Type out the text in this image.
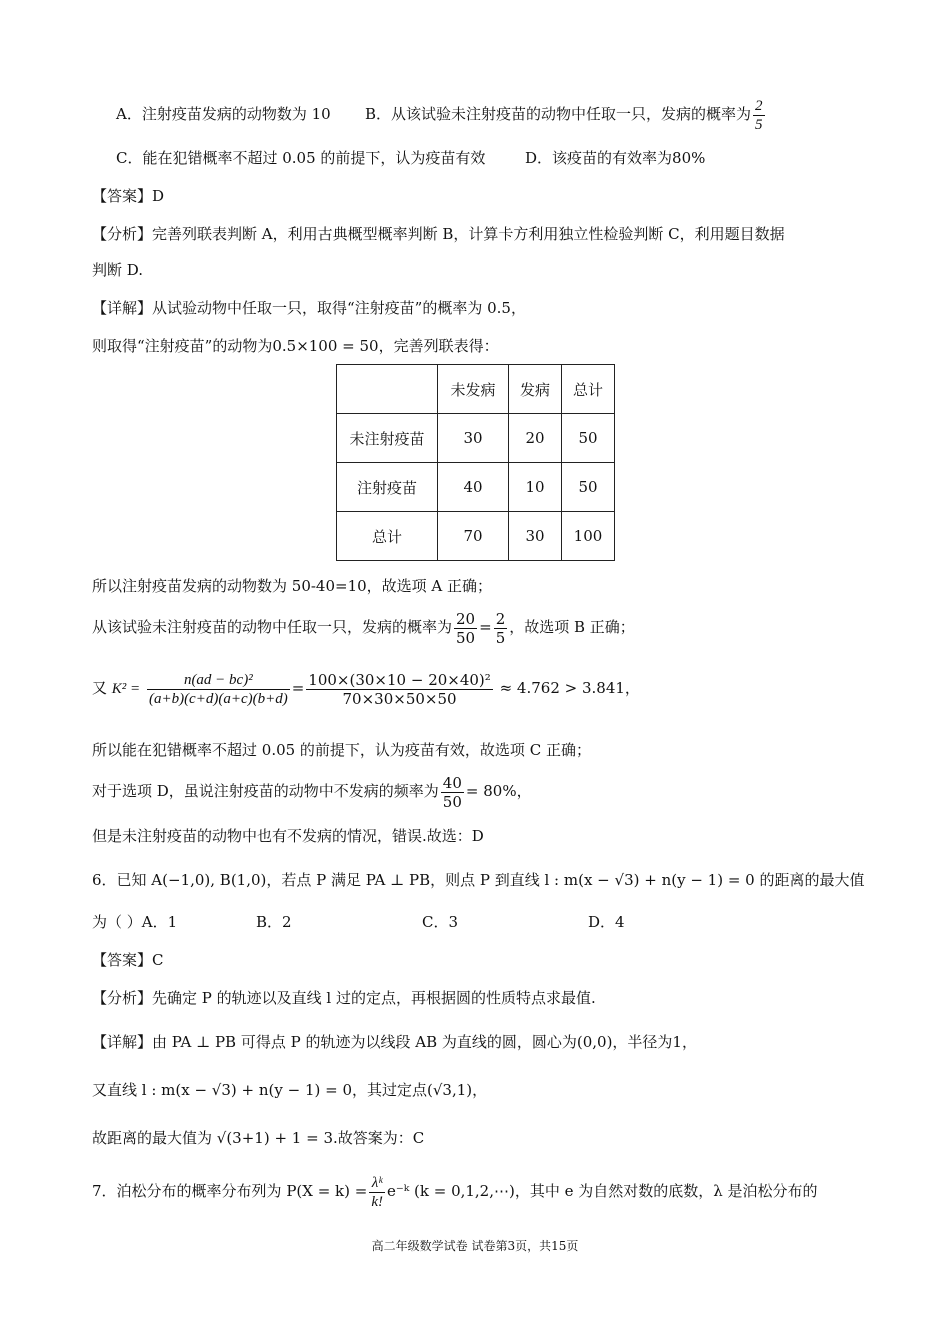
A．注射疫苗发病的动物数为 10 B．从该试验未注射疫苗的动物中任取一只，发病的概率为 $\frac{2}{5}$
C．能在犯错概率不超过 0.05 的前提下，认为疫苗有效	D．该疫苗的有效率为80%
【答案】D
【分析】完善列联表判断 A，利用古典概型概率判断 B，计算卡方利用独立性检验判断 C，利用题目数据
判断 D.
【详解】从试验动物中任取一只，取得“注射疫苗”的概率为 0.5，
则取得“注射疫苗”的动物为0.5×100 = 50，完善列联表得：
	未发病	发病	总计
未注射疫苗	30	20	50
注射疫苗	40	10	50
总计	70	30	100
所以注射疫苗发病的动物数为 50-40=10，故选项 A 正确；
从该试验未注射疫苗的动物中任取一只，发病的概率为 $\frac{20}{50} = \frac{2}{5}$ ，故选项 B 正确；
又 $K^2 = \frac{\text{n(ad − bc)²}}{(a+b)(c+d)(a+c)(b+d)} = \frac{\text{100×(30×10 − 20×40)²}}{70\times 30\times 50\times 50} \approx 4.762 > 3.841$，
所以能在犯错概率不超过 0.05 的前提下，认为疫苗有效，故选项 C 正确；
对于选项 D，虽说注射疫苗的动物中不发病的频率为 $\frac{40}{50} = 80\%$，
但是未注射疫苗的动物中也有不发病的情况，错误.故选：D
6．已知 A(−1,0), B(1,0)，若点 P 满足 PA ⊥ PB，则点 P 到直线 l : m(x − √3) + n(y − 1) = 0 的距离的最大值
为（ ）A．1	B．2	C．3	D．4
【答案】C
【分析】先确定 P 的轨迹以及直线 l 过的定点，再根据圆的性质特点求最值.
【详解】由 PA ⊥ PB 可得点 P 的轨迹为以线段 AB 为直线的圆，圆心为(0,0)，半径为1，
又直线 l : m(x − √3) + n(y − 1) = 0，其过定点(√3,1)，
故距离的最大值为 √(3+1) + 1 = 3.故答案为：C
7．泊松分布的概率分布列为 $P(X = k) = \frac{\text{λᵏ}}{k!}$ e⁻ᵏ (k = 0,1,2,⋯)，其中 e 为自然对数的底数，λ 是泊松分布的
高二年级数学试卷 试卷第3页，共15页
